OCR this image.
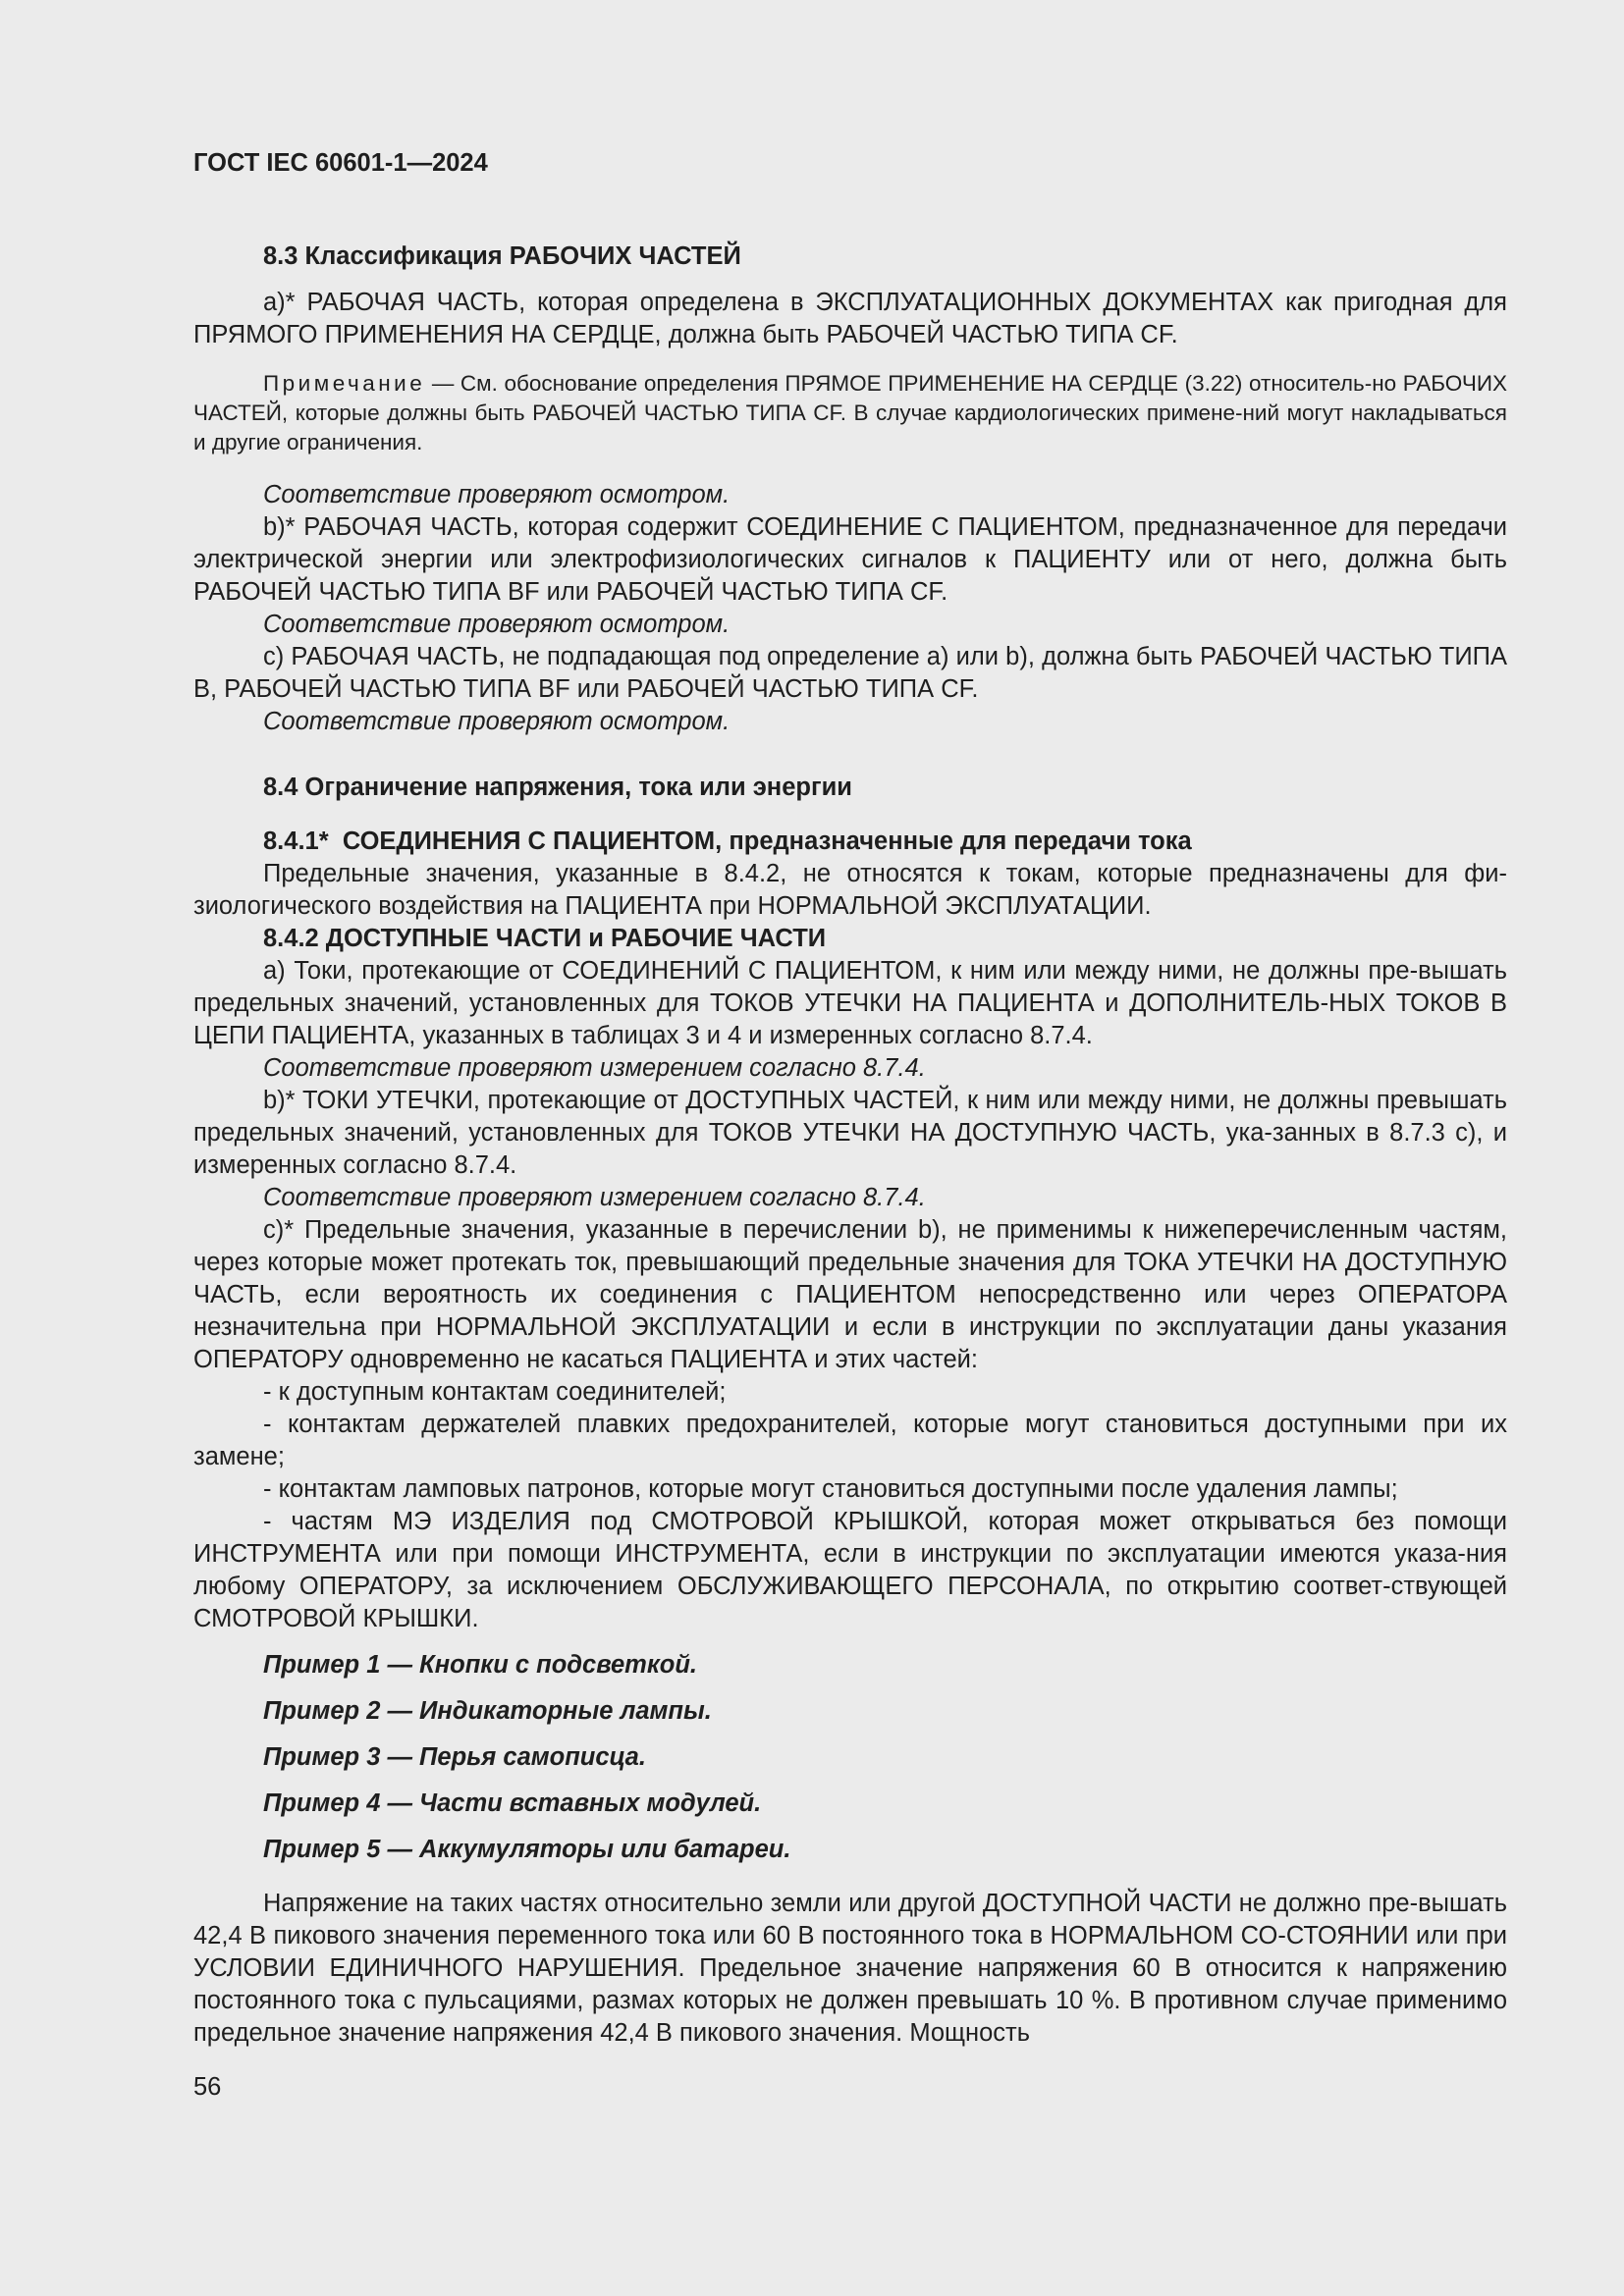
ГОСТ IEC 60601-1—2024
8.3 Классификация РАБОЧИХ ЧАСТЕЙ

а)* РАБОЧАЯ ЧАСТЬ, которая определена в ЭКСПЛУАТАЦИОННЫХ ДОКУМЕНТАХ как пригодная для ПРЯМОГО ПРИМЕНЕНИЯ НА СЕРДЦЕ, должна быть РАБОЧЕЙ ЧАСТЬЮ ТИПА CF.

Примечание — См. обоснование определения ПРЯМОЕ ПРИМЕНЕНИЕ НА СЕРДЦЕ (3.22) относитель-но РАБОЧИХ ЧАСТЕЙ, которые должны быть РАБОЧЕЙ ЧАСТЬЮ ТИПА CF. В случае кардиологических примене-ний могут накладываться и другие ограничения.

Соответствие проверяют осмотром.

b)* РАБОЧАЯ ЧАСТЬ, которая содержит СОЕДИНЕНИЕ С ПАЦИЕНТОМ, предназначенное для передачи электрической энергии или электрофизиологических сигналов к ПАЦИЕНТУ или от него, должна быть РАБОЧЕЙ ЧАСТЬЮ ТИПА BF или РАБОЧЕЙ ЧАСТЬЮ ТИПА CF.

Соответствие проверяют осмотром.

с) РАБОЧАЯ ЧАСТЬ, не подпадающая под определение а) или b), должна быть РАБОЧЕЙ ЧАСТЬЮ ТИПА В, РАБОЧЕЙ ЧАСТЬЮ ТИПА BF или РАБОЧЕЙ ЧАСТЬЮ ТИПА CF.

Соответствие проверяют осмотром.

8.4 Ограничение напряжения, тока или энергии
8.4.1* СОЕДИНЕНИЯ С ПАЦИЕНТОМ, предназначенные для передачи тока

Предельные значения, указанные в 8.4.2, не относятся к токам, которые предназначены для фи-зиологического воздействия на ПАЦИЕНТА при НОРМАЛЬНОЙ ЭКСПЛУАТАЦИИ.

8.4.2 ДОСТУПНЫЕ ЧАСТИ и РАБОЧИЕ ЧАСТИ

а) Токи, протекающие от СОЕДИНЕНИЙ С ПАЦИЕНТОМ, к ним или между ними, не должны пре-вышать предельных значений, установленных для ТОКОВ УТЕЧКИ НА ПАЦИЕНТА и ДОПОЛНИТЕЛЬ-НЫХ ТОКОВ В ЦЕПИ ПАЦИЕНТА, указанных в таблицах 3 и 4 и измеренных согласно 8.7.4.

Соответствие проверяют измерением согласно 8.7.4.

b)* ТОКИ УТЕЧКИ, протекающие от ДОСТУПНЫХ ЧАСТЕЙ, к ним или между ними, не должны превышать предельных значений, установленных для ТОКОВ УТЕЧКИ НА ДОСТУПНУЮ ЧАСТЬ, ука-занных в 8.7.3 с), и измеренных согласно 8.7.4.

Соответствие проверяют измерением согласно 8.7.4.

с)* Предельные значения, указанные в перечислении b), не применимы к нижеперечисленным частям, через которые может протекать ток, превышающий предельные значения для ТОКА УТЕЧКИ НА ДОСТУПНУЮ ЧАСТЬ, если вероятность их соединения с ПАЦИЕНТОМ непосредственно или через ОПЕРАТОРА незначительна при НОРМАЛЬНОЙ ЭКСПЛУАТАЦИИ и если в инструкции по эксплуатации даны указания ОПЕРАТОРУ одновременно не касаться ПАЦИЕНТА и этих частей:

- к доступным контактам соединителей;

- контактам держателей плавких предохранителей, которые могут становиться доступными при их замене;

- контактам ламповых патронов, которые могут становиться доступными после удаления лампы;

- частям МЭ ИЗДЕЛИЯ под СМОТРОВОЙ КРЫШКОЙ, которая может открываться без помощи ИНСТРУМЕНТА или при помощи ИНСТРУМЕНТА, если в инструкции по эксплуатации имеются указа-ния любому ОПЕРАТОРУ, за исключением ОБСЛУЖИВАЮЩЕГО ПЕРСОНАЛА, по открытию соответ-ствующей СМОТРОВОЙ КРЫШКИ.

Пример 1 — Кнопки с подсветкой.

Пример 2 — Индикаторные лампы.

Пример 3 — Перья самописца.

Пример 4 — Части вставных модулей.

Пример 5 — Аккумуляторы или батареи.

Напряжение на таких частях относительно земли или другой ДОСТУПНОЙ ЧАСТИ не должно пре-вышать 42,4 В пикового значения переменного тока или 60 В постоянного тока в НОРМАЛЬНОМ СО-СТОЯНИИ или при УСЛОВИИ ЕДИНИЧНОГО НАРУШЕНИЯ. Предельное значение напряжения 60 В относится к напряжению постоянного тока с пульсациями, размах которых не должен превышать 10 %. В противном случае применимо предельное значение напряжения 42,4 В пикового значения. Мощность

56
